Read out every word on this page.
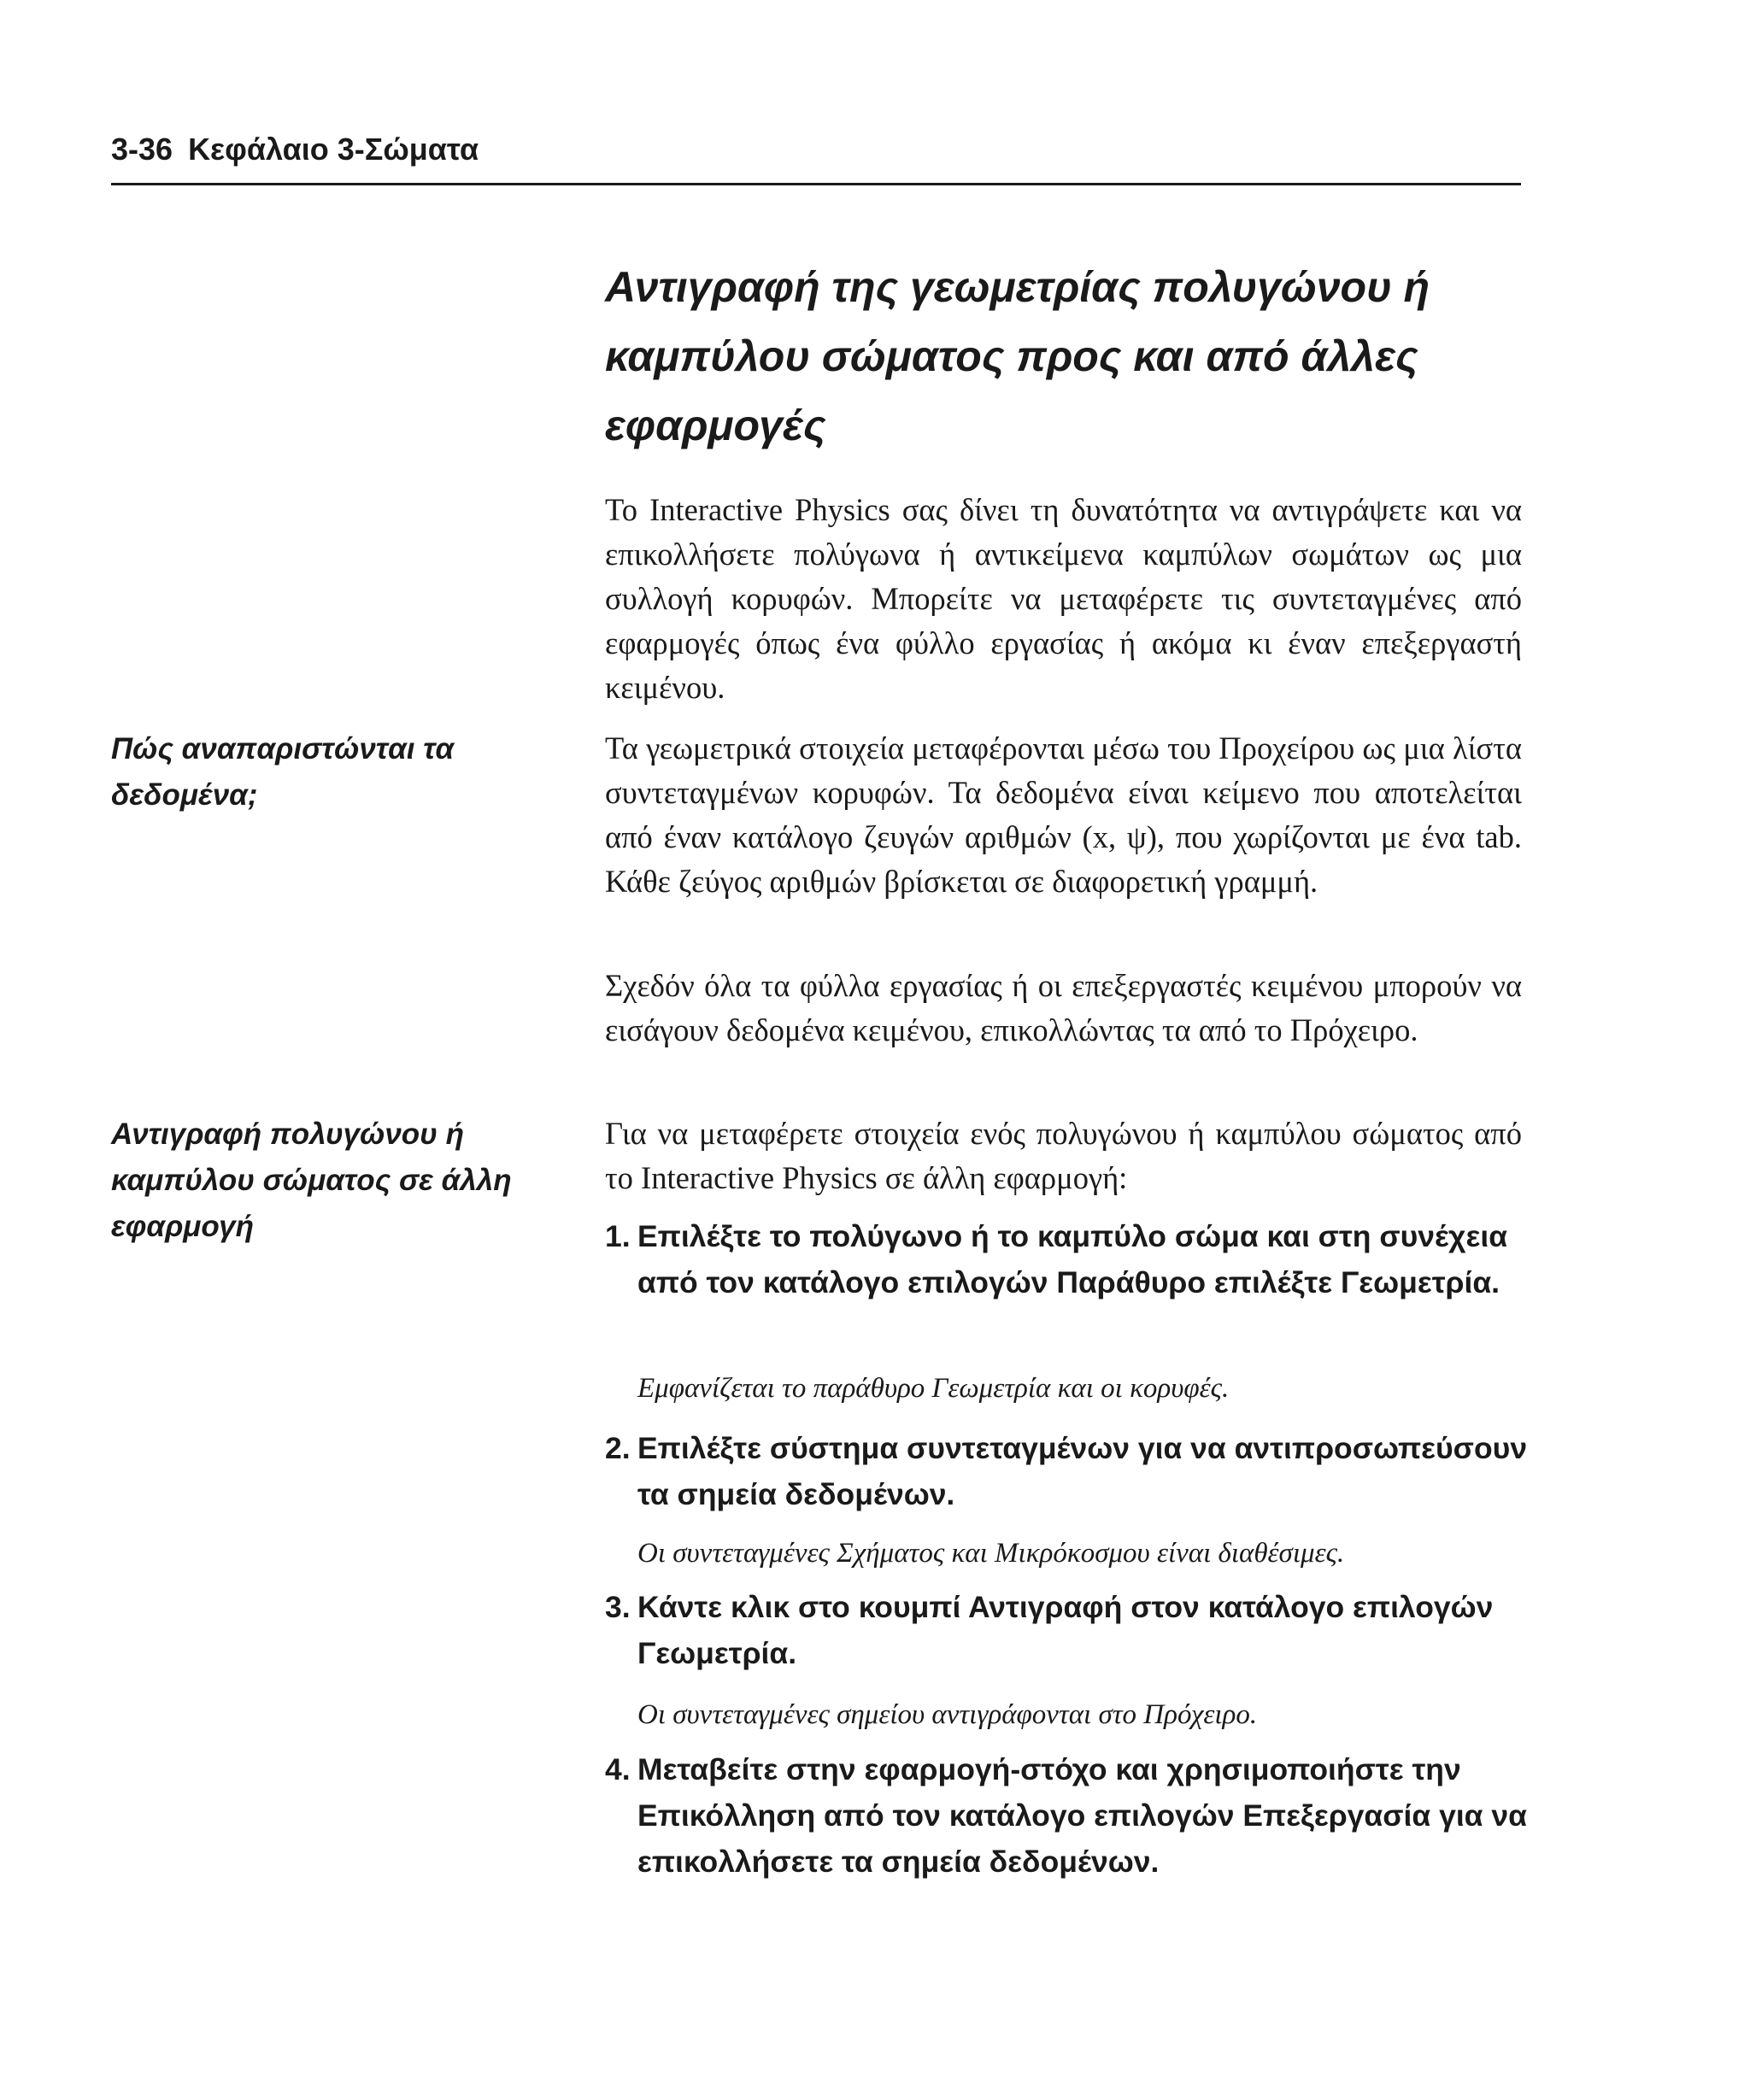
3-36 Κεφάλαιο 3-Σώματα
Αντιγραφή της γεωμετρίας πολυγώνου ή
καμπύλου σώματος προς και από άλλες
εφαρμογές

Το Interactive Physics σας δίνει τη δυνατότητα να αντιγράψετε και να επικολλήσετε πολύγωνα ή αντικείμενα καμπύλων σωμάτων ως μια συλλογή κορυφών. Μπορείτε να μεταφέρετε τις συντεταγμένες από εφαρμογές όπως ένα φύλλο εργασίας ή ακόμα κι έναν επεξεργαστή κειμένου.

Πώς αναπαριστώνται τα δεδομένα;

Τα γεωμετρικά στοιχεία μεταφέρονται μέσω του Προχείρου ως μια λίστα συντεταγμένων κορυφών. Τα δεδομένα είναι κείμενο που αποτελείται από έναν κατάλογο ζευγών αριθμών (x, ψ), που χωρίζονται με ένα tab. Κάθε ζεύγος αριθμών βρίσκεται σε διαφορετική γραμμή.

Σχεδόν όλα τα φύλλα εργασίας ή οι επεξεργαστές κειμένου μπορούν να εισάγουν δεδομένα κειμένου, επικολλώντας τα από το Πρόχειρο.

Αντιγραφή πολυγώνου ή καμπύλου σώματος σε άλλη εφαρμογή

Για να μεταφέρετε στοιχεία ενός πολυγώνου ή καμπύλου σώματος από το Interactive Physics σε άλλη εφαρμογή:

1. Επιλέξτε το πολύγωνο ή το καμπύλο σώμα και στη συνέχεια από τον κατάλογο επιλογών Παράθυρο επιλέξτε Γεωμετρία.
Εμφανίζεται το παράθυρο Γεωμετρία και οι κορυφές.
2. Επιλέξτε σύστημα συντεταγμένων για να αντιπροσωπεύσουν τα σημεία δεδομένων.
Οι συντεταγμένες Σχήματος και Μικρόκοσμου είναι διαθέσιμες.
3. Κάντε κλικ στο κουμπί Αντιγραφή στον κατάλογο επιλογών Γεωμετρία.
Οι συντεταγμένες σημείου αντιγράφονται στο Πρόχειρο.
4. Μεταβείτε στην εφαρμογή-στόχο και χρησιμοποιήστε την Επικόλληση από τον κατάλογο επιλογών Επεξεργασία για να επικολλήσετε τα σημεία δεδομένων.
